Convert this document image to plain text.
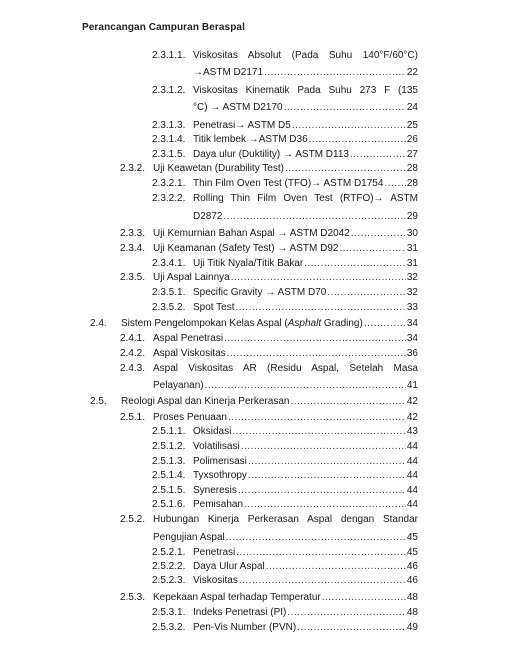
Perancangan Campuran Beraspal
2.3.1.1. Viskositas Absolut (Pada Suhu 140°F/60°C)
→ASTM D2171 .....	22
2.3.1.2. Viskositas Kinematik Pada Suhu 273 F (135
°C) → ASTM D2170 .....	24
2.3.1.3. Penetrasi→ ASTM D5 .....	25
2.3.1.4. Titik lembek →ASTM D36 .....	26
2.3.1.5. Daya ulur (Duktility) → ASTM D113 .....	27
2.3.2. Uji Keawetan (Durability Test) .....	28
2.3.2.1. Thin Film Oven Test (TFO)→ ASTM D1754 ..... 28
2.3.2.2. Rolling Thin Film Oven Test (RTFO)→ ASTM
D2872 .....	29
2.3.3. Uji Kemurnian Bahan Aspal → ASTM D2042 .....	30
2.3.4. Uji Keamanan (Safety Test) → ASTM D92 .....	31
2.3.4.1. Uji Titik Nyala/Titik Bakar .....	31
2.3.5. Uji Aspal Lainnya .....	32
2.3.5.1. Specific Gravity → ASTM D70 .....	32
2.3.5.2. Spot Test .....	33
2.4. Sistem Pengelompokan Kelas Aspal (Asphalt Grading) .....	34
2.4.1. Aspal Penetrasi .....	34
2.4.2. Aspal Viskositas .....	36
2.4.3. Aspal Viskositas AR (Residu Aspal, Setelah Masa
Pelayanan) .....	41
2.5. Reologi Aspal dan Kinerja Perkerasan .....	42
2.5.1. Proses Penuaan .....	42
2.5.1.1. Oksidasi .....	43
2.5.1.2. Volatilisasi .....	44
2.5.1.3. Polimerisasi .....	44
2.5.1.4. Tyxsothropy .....	44
2.5.1.5. Syneresis .....	44
2.5.1.6. Pemisahan .....	44
2.5.2. Hubungan Kinerja Perkerasan Aspal dengan Standar
Pengujian Aspal .....	45
2.5.2.1. Penetrasi .....	45
2.5.2.2. Daya Ulur Aspal .....	46
2.5.2.3. Viskositas .....	46
2.5.3. Kepekaan Aspal terhadap Temperatur .....	48
2.5.3.1. Indeks Penetrasi (PI) .....	48
2.5.3.2. Pen-Vis Number (PVN) .....	49
